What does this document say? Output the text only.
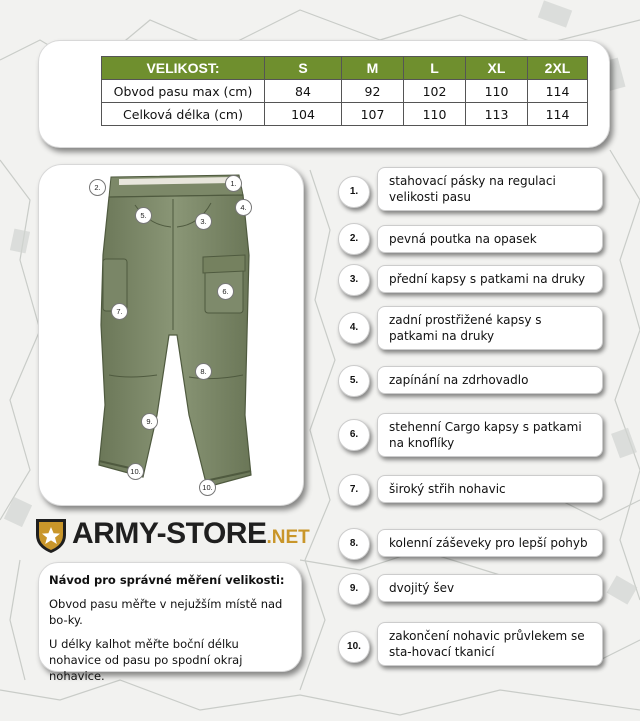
VELIKOST:	S	M	L	XL	2XL
Obvod pasu max (cm)	84	92	102	110	114
Celková délka (cm)	104	107	110	113	114
1.
2.
3.
4.
5.
6.
7.
8.
9.
10.
10.
1.
stahovací pásky na regulaci velikosti pasu
2.	pevná poutka na opasek
3.	přední kapsy s patkami na druky
4.
zadní prostřižené kapsy s patkami na druky
5.	zapínání na zdrhovadlo
6.
stehenní Cargo kapsy s patkami na knoflíky
7.	široký střih nohavic
8.	kolenní záševeky pro lepší pohyb
9.	dvojitý šev
10.
zakončení nohavic průvlekem se sta-hovací tkanicí
ARMY-STORE.NET
Návod pro správné měření velikosti:
Obvod pasu měřte v nejužším místě nad bo-ky.
U délky kalhot měřte boční délku nohavice od pasu po spodní okraj nohavice.
